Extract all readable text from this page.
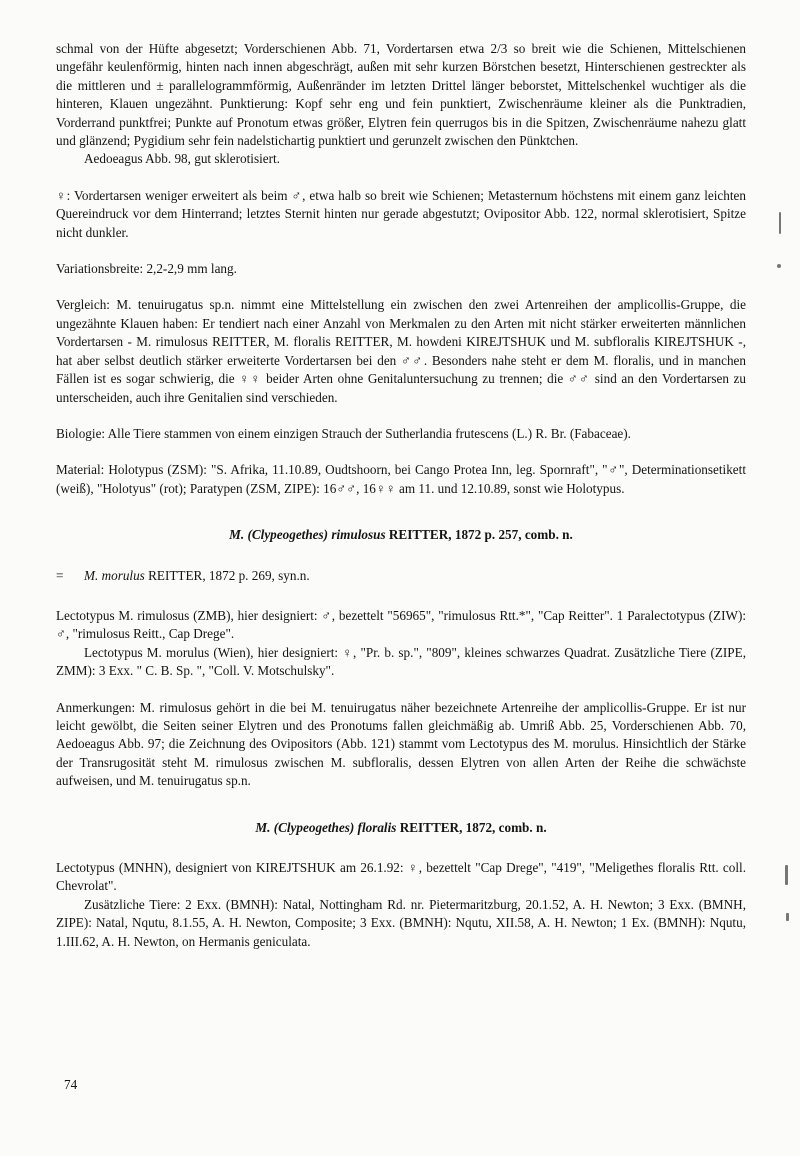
schmal von der Hüfte abgesetzt; Vorderschienen Abb. 71, Vordertarsen etwa 2/3 so breit wie die Schienen, Mittelschienen ungefähr keulenförmig, hinten nach innen abgeschrägt, außen mit sehr kurzen Börstchen besetzt, Hinterschienen gestreckter als die mittleren und ± parallelogrammförmig, Außenränder im letzten Drittel länger beborstet, Mittelschenkel wuchtiger als die hinteren, Klauen ungezähnt. Punktierung: Kopf sehr eng und fein punktiert, Zwischenräume kleiner als die Punktradien, Vorderrand punktfrei; Punkte auf Pronotum etwas größer, Elytren fein querrugos bis in die Spitzen, Zwischenräume nahezu glatt und glänzend; Pygidium sehr fein nadelstichartig punktiert und gerunzelt zwischen den Pünktchen.

Aedoeagus Abb. 98, gut sklerotisiert.

♀: Vordertarsen weniger erweitert als beim ♂, etwa halb so breit wie Schienen; Metasternum höchstens mit einem ganz leichten Quereindruck vor dem Hinterrand; letztes Sternit hinten nur gerade abgestutzt; Ovipositor Abb. 122, normal sklerotisiert, Spitze nicht dunkler.

Variationsbreite: 2,2-2,9 mm lang.

Vergleich: M. tenuirugatus sp.n. nimmt eine Mittelstellung ein zwischen den zwei Artenreihen der amplicollis-Gruppe, die ungezähnte Klauen haben: Er tendiert nach einer Anzahl von Merkmalen zu den Arten mit nicht stärker erweiterten männlichen Vordertarsen - M. rimulosus REITTER, M. floralis REITTER, M. howdeni KIREJTSHUK und M. subfloralis KIREJTSHUK -, hat aber selbst deutlich stärker erweiterte Vordertarsen bei den ♂♂. Besonders nahe steht er dem M. floralis, und in manchen Fällen ist es sogar schwierig, die ♀♀ beider Arten ohne Genitaluntersuchung zu trennen; die ♂♂ sind an den Vordertarsen zu unterscheiden, auch ihre Genitalien sind verschieden.

Biologie: Alle Tiere stammen von einem einzigen Strauch der Sutherlandia frutescens (L.) R. Br. (Fabaceae).

Material: Holotypus (ZSM): "S. Afrika, 11.10.89, Oudtshoorn, bei Cango Protea Inn, leg. Spornraft", "♂", Determinationsetikett (weiß), "Holotyus" (rot); Paratypen (ZSM, ZIPE): 16♂♂, 16♀♀ am 11. und 12.10.89, sonst wie Holotypus.

M. (Clypeogethes) rimulosus REITTER, 1872 p. 257, comb. n.

= M. morulus REITTER, 1872 p. 269, syn.n.

Lectotypus M. rimulosus (ZMB), hier designiert: ♂, bezettelt "56965", "rimulosus Rtt.*", "Cap Reitter". 1 Paralectotypus (ZIW): ♂, "rimulosus Reitt., Cap Drege".

Lectotypus M. morulus (Wien), hier designiert: ♀, "Pr. b. sp.", "809", kleines schwarzes Quadrat. Zusätzliche Tiere (ZIPE, ZMM): 3 Exx. " C. B. Sp. ", "Coll. V. Motschulsky".

Anmerkungen: M. rimulosus gehört in die bei M. tenuirugatus näher bezeichnete Artenreihe der amplicollis-Gruppe. Er ist nur leicht gewölbt, die Seiten seiner Elytren und des Pronotums fallen gleichmäßig ab. Umriß Abb. 25, Vorderschienen Abb. 70, Aedoeagus Abb. 97; die Zeichnung des Ovipositors (Abb. 121) stammt vom Lectotypus des M. morulus. Hinsichtlich der Stärke der Transrugosität steht M. rimulosus zwischen M. subfloralis, dessen Elytren von allen Arten der Reihe die schwächste aufweisen, und M. tenuirugatus sp.n.

M. (Clypeogethes) floralis REITTER, 1872, comb. n.

Lectotypus (MNHN), designiert von KIREJTSHUK am 26.1.92: ♀, bezettelt "Cap Drege", "419", "Meligethes floralis Rtt. coll. Chevrolat".

Zusätzliche Tiere: 2 Exx. (BMNH): Natal, Nottingham Rd. nr. Pietermaritzburg, 20.1.52, A. H. Newton; 3 Exx. (BMNH, ZIPE): Natal, Nqutu, 8.1.55, A. H. Newton, Composite; 3 Exx. (BMNH): Nqutu, XII.58, A. H. Newton; 1 Ex. (BMNH): Nqutu, 1.III.62, A. H. Newton, on Hermanis geniculata.

74
